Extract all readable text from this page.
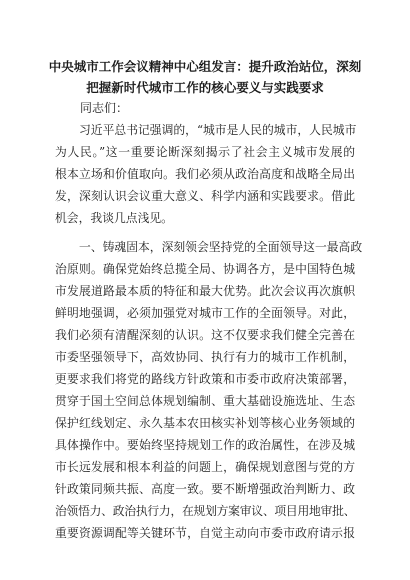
中央城市工作会议精神中心组发言：提升政治站位，深刻
把握新时代城市工作的核心要义与实践要求
同志们：
习近平总书记强调的，“城市是人民的城市，人民城市
为人民。”这一重要论断深刻揭示了社会主义城市发展的
根本立场和价值取向。我们必须从政治高度和战略全局出
发，深刻认识会议重大意义、科学内涵和实践要求。借此
机会，我谈几点浅见。
一、铸魂固本，深刻领会坚持党的全面领导这一最高政
治原则。确保党始终总揽全局、协调各方，是中国特色城
市发展道路最本质的特征和最大优势。此次会议再次旗帜
鲜明地强调，必须加强党对城市工作的全面领导。对此，
我们必须有清醒深刻的认识。这不仅要求我们健全完善在
市委坚强领导下，高效协同、执行有力的城市工作机制，
更要求我们将党的路线方针政策和市委市政府决策部署，
贯穿于国土空间总体规划编制、重大基础设施选址、生态
保护红线划定、永久基本农田核实补划等核心业务领域的
具体操作中。要始终坚持规划工作的政治属性，在涉及城
市长远发展和根本利益的问题上，确保规划意图与党的方
针政策同频共振、高度一致。要不断增强政治判断力、政
治领悟力、政治执行力，在规划方案审议、项目用地审批、
重要资源调配等关键环节，自觉主动向市委市政府请示报
